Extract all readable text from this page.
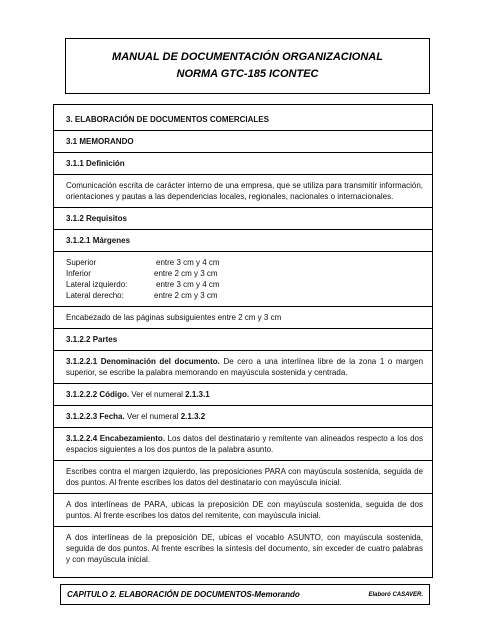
MANUAL DE DOCUMENTACIÓN ORGANIZACIONAL
NORMA GTC-185 ICONTEC

3. ELABORACIÓN DE DOCUMENTOS COMERCIALES

3.1 MEMORANDO

3.1.1 Definición

Comunicación escrita de carácter interno de una empresa, que se utiliza para transmitir información, orientaciones y pautas a las dependencias locales, regionales, nacionales o internacionales.

3.1.2 Requisitos

3.1.2.1 Márgenes

Superior	entre 3 cm y 4 cm
Inferior	entre 2 cm y 3 cm
Lateral izquierdo:	entre 3 cm y 4 cm
Lateral derecho:	entre 2 cm y 3 cm

Encabezado de las páginas subsiguientes entre 2 cm y 3 cm

3.1.2.2 Partes

3.1.2.2.1 Denominación del documento. De cero a una interlínea libre de la zona 1 o margen superior, se escribe la palabra memorando en mayúscula sostenida y centrada.

3.1.2.2.2 Código. Ver el numeral 2.1.3.1

3.1.2.2.3 Fecha. Ver el numeral 2.1.3.2

3.1.2.2.4 Encabezamiento. Los datos del destinatario y remitente van alineados respecto a los dos espacios siguientes a los dos puntos de la palabra asunto.

Escribes contra el margen izquierdo, las preposiciones PARA con mayúscula sostenida, seguida de dos puntos. Al frente escribes los datos del destinatario con mayúscula inicial.

A dos interlíneas de PARA, ubicas la preposición DE con mayúscula sostenida, seguida de dos puntos. Al frente escribes los datos del remitente, con mayúscula inicial.

A dos interlíneas de la preposición DE, ubicas el vocablo ASUNTO, con mayúscula sostenida, seguida de dos puntos. Al frente escribes la síntesis del documento, sin exceder de cuatro palabras y con mayúscula inicial.

CAPITULO 2. ELABORACIÓN DE DOCUMENTOS-Memorando	Elaboró CASAVER.
